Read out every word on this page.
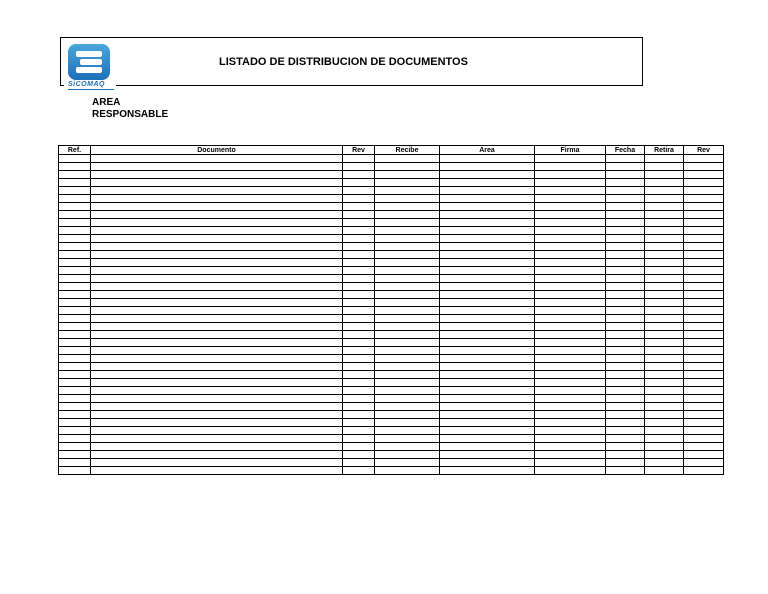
SiCOMAQ
LISTADO DE DISTRIBUCION DE DOCUMENTOS
AREA
RESPONSABLE
Ref.	Documento	Rev	Recibe	Area	Firma	Fecha	Retira	Rev
